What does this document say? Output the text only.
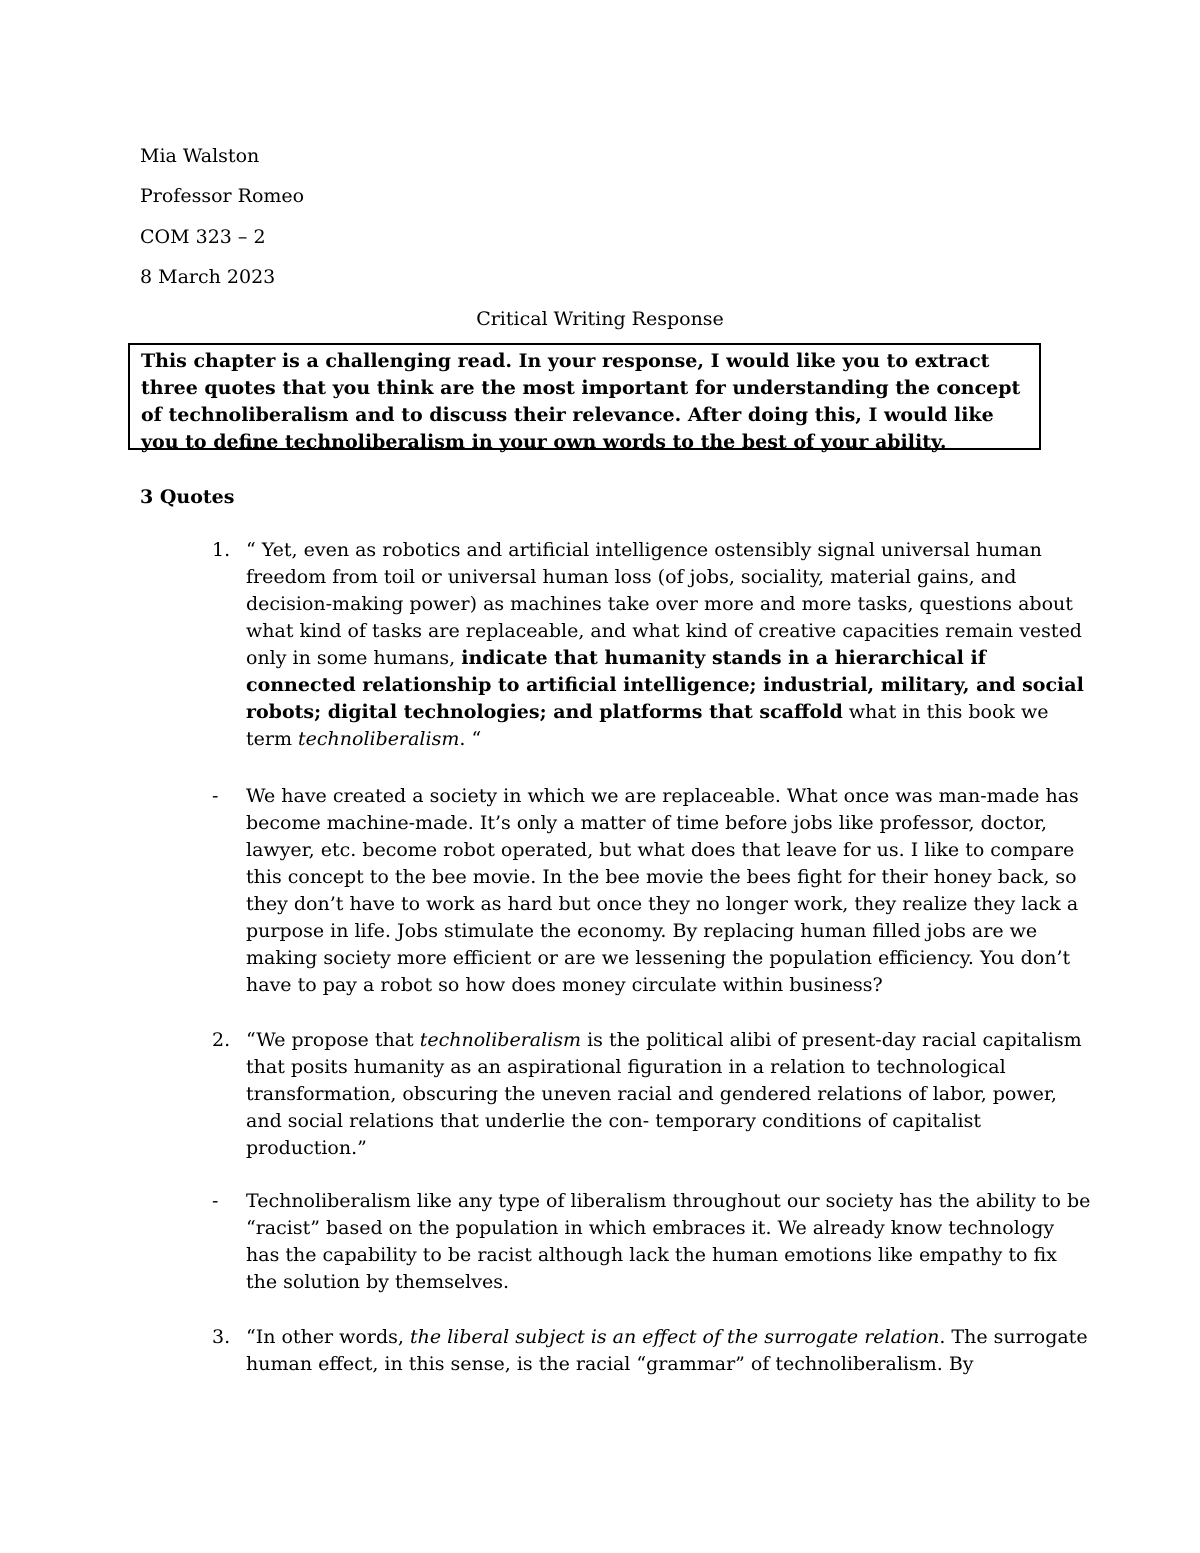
Mia Walston

Professor Romeo

COM 323 – 2

8 March 2023

Critical Writing Response

This chapter is a challenging read. In your response, I would like you to extract three quotes that you think are the most important for understanding the concept of technoliberalism and to discuss their relevance. After doing this, I would like you to define technoliberalism in your own words to the best of your ability.

3 Quotes

1. “ Yet, even as robotics and artificial intelligence ostensibly signal universal human freedom from toil or universal human loss (of jobs, sociality, material gains, and decision-making power) as machines take over more and more tasks, questions about what kind of tasks are replaceable, and what kind of creative capacities remain vested only in some humans, indicate that humanity stands in a hierarchical if connected relationship to artificial intelligence; industrial, military, and social robots; digital technologies; and platforms that scaffold what in this book we term technoliberalism. “

- We have created a society in which we are replaceable. What once was man-made has become machine-made. It’s only a matter of time before jobs like professor, doctor, lawyer, etc. become robot operated, but what does that leave for us. I like to compare this concept to the bee movie. In the bee movie the bees fight for their honey back, so they don’t have to work as hard but once they no longer work, they realize they lack a purpose in life. Jobs stimulate the economy. By replacing human filled jobs are we making society more efficient or are we lessening the population efficiency. You don’t have to pay a robot so how does money circulate within business?

2. “We propose that technoliberalism is the political alibi of present-day racial capitalism that posits humanity as an aspirational figuration in a relation to technological transformation, obscuring the uneven racial and gendered relations of labor, power, and social relations that underlie the con- temporary conditions of capitalist production.”

- Technoliberalism like any type of liberalism throughout our society has the ability to be “racist” based on the population in which embraces it. We already know technology has the capability to be racist although lack the human emotions like empathy to fix the solution by themselves.

3. “In other words, the liberal subject is an effect of the surrogate relation. The surrogate human effect, in this sense, is the racial “grammar” of technoliberalism. By
